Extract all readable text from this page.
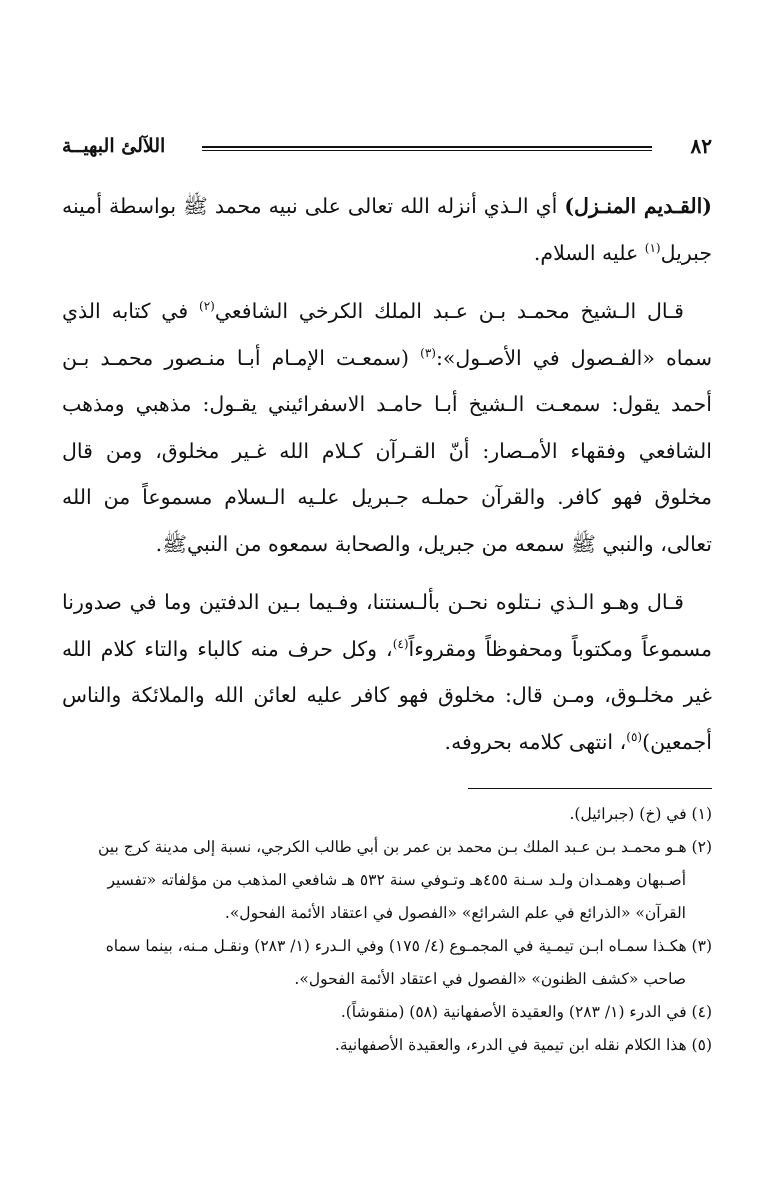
اللآلئ البهيــة	٨٢

(القـديم المنـزل) أي الـذي أنزله الله تعالى على نبيه محمد ﷺ بواسطة أمينه جبريل$^{(١)}$ عليه السلام.

قـال الـشيخ محمـد بـن عـبد الملك الكرخي الشافعي$^{(٢)}$ في كتابه الذي سماه «الفـصول في الأصـول»:$^{(٣)}$ (سمعـت الإمـام أبـا منـصور محمـد بـن أحمد يقول: سمعـت الـشيخ أبـا حامـد الاسفرائيني يقـول: مذهبي ومذهب الشافعي وفقهاء الأمـصار: أنّ القـرآن كـلام الله غـير مخلوق، ومن قال مخلوق فهو كافر. والقرآن حملـه جـبريل علـيه الـسلام مسموعاً من الله تعالى، والنبي ﷺ سمعه من جبريل، والصحابة سمعوه من النبيﷺ.

قـال وهـو الـذي نـتلوه نحـن بألـسنتنا، وفـيما بـين الدفتين وما في صدورنا مسموعاً ومكتوباً ومحفوظاً ومقروءاً$^{(٤)}$، وكل حرف منه كالباء والتاء كلام الله غير مخلـوق، ومـن قال: مخلوق فهو كافر عليه لعائن الله والملائكة والناس أجمعين)$^{(٥)}$، انتهى كلامه بحروفه.

(١) في (خ) (جبرائيل).

(٢) هـو محمـد بـن عـبد الملك بـن محمد بن عمر بن أبي طالب الكرجي، نسبة إلى مدينة كرج بين
أصـبهان وهمـدان ولـد سـنة ٤٥٥هـ وتـوفي سنة ٥٣٢ هـ شافعي المذهب من مؤلفاته «تفسير
القرآن» «الذرائع في علم الشرائع» «الفصول في اعتقاد الأئمة الفحول».

(٣) هكـذا سمـاه ابـن تيمـية في المجمـوع (٤/ ١٧٥) وفي الـدرء (١/ ٢٨٣) ونقـل مـنه، بينما سماه
صاحب «كشف الظنون» «الفصول في اعتقاد الأئمة الفحول».

(٤) في الدرء (١/ ٢٨٣) والعقيدة الأصفهانية (٥٨) (منقوشاً).

(٥) هذا الكلام نقله ابن تيمية في الدرء، والعقيدة الأصفهانية.
